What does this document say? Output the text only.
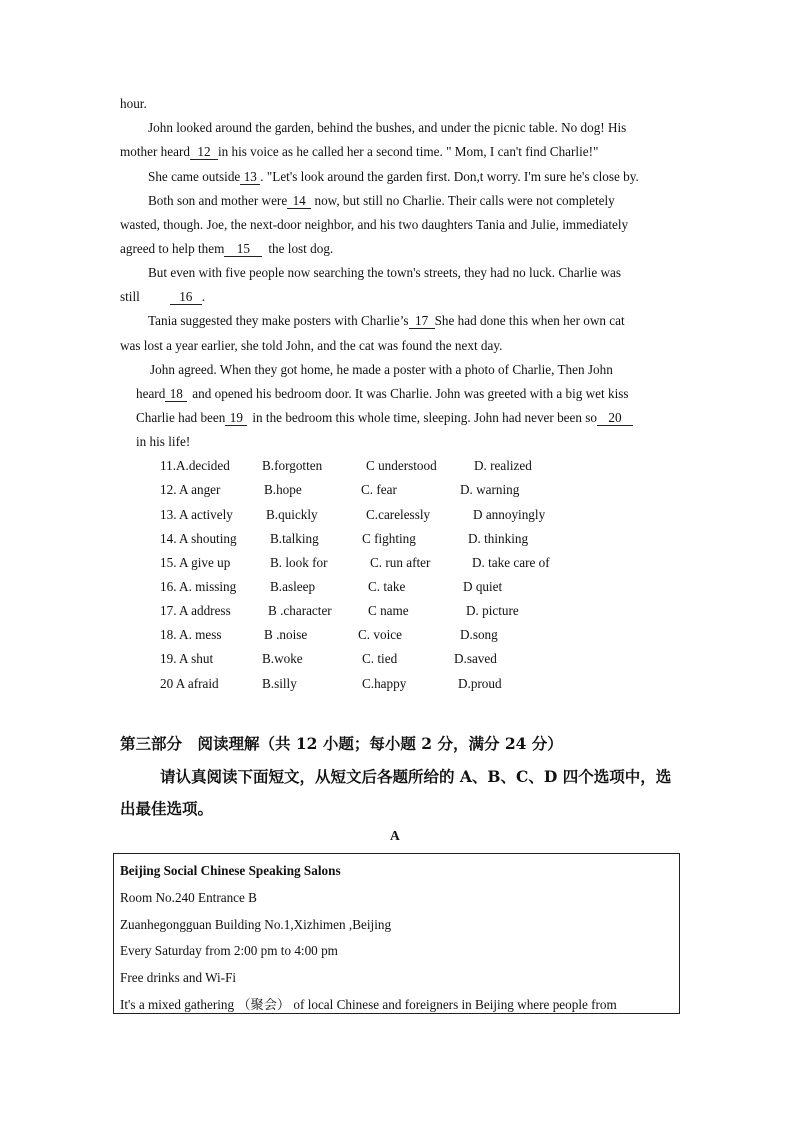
hour.
John looked around the garden, behind the bushes, and under the picnic table. No dog! His
mother heard 12 in his voice as he called her a second time. " Mom, I can't find Charlie!"
She came outside 13 . "Let's look around the garden first. Don,t worry. I'm sure he's close by.
Both son and mother were 14 now, but still no Charlie. Their calls were not completely
wasted, though. Joe, the next-door neighbor, and his two daughters Tania and Julie, immediately
agreed to help them 15 the lost dog.
But even with five people now searching the town's streets, they had no luck. Charlie was
still	16 .
Tania suggested they make posters with Charlie’s 17 She had done this when her own cat
was lost a year earlier, she told John, and the cat was found the next day.
John agreed. When they got home, he made a poster with a photo of Charlie, Then John
heard 18 and opened his bedroom door. It was Charlie. John was greeted with a big wet kiss
Charlie had been 19 in the bedroom this whole time, sleeping. John had never been so 20
in his life!
11.A.decided B.forgotten	C understood	D. realized
12. A anger	B.hope	C. fear	D. warning
13. A actively	B.quickly	C.carelessly	D annoyingly
14. A shouting	B.talking	C fighting	D. thinking
15. A give up	B. look for	C. run after	D. take care of
16. A. missing	B.asleep	C. take	D quiet
17. A address	B .character	C name	D. picture
18. A. mess	B .noise	C. voice	D.song
19. A shut	B.woke	C. tied	D.saved
20 A afraid	B.silly	C.happy	D.proud
第三部分　阅读理解（共 12 小题；每小题 2 分，满分 24 分）
请认真阅读下面短文，从短文后各题所给的 A、B、C、D 四个选项中，选
出最佳选项。
A
Beijing Social Chinese Speaking Salons
Room No.240 Entrance B
Zuanhegongguan Building No.1,Xizhimen ,Beijing
Every Saturday from 2:00 pm to 4:00 pm
Free drinks and Wi-Fi
It's a mixed gathering （聚会） of local Chinese and foreigners in Beijing where people from
